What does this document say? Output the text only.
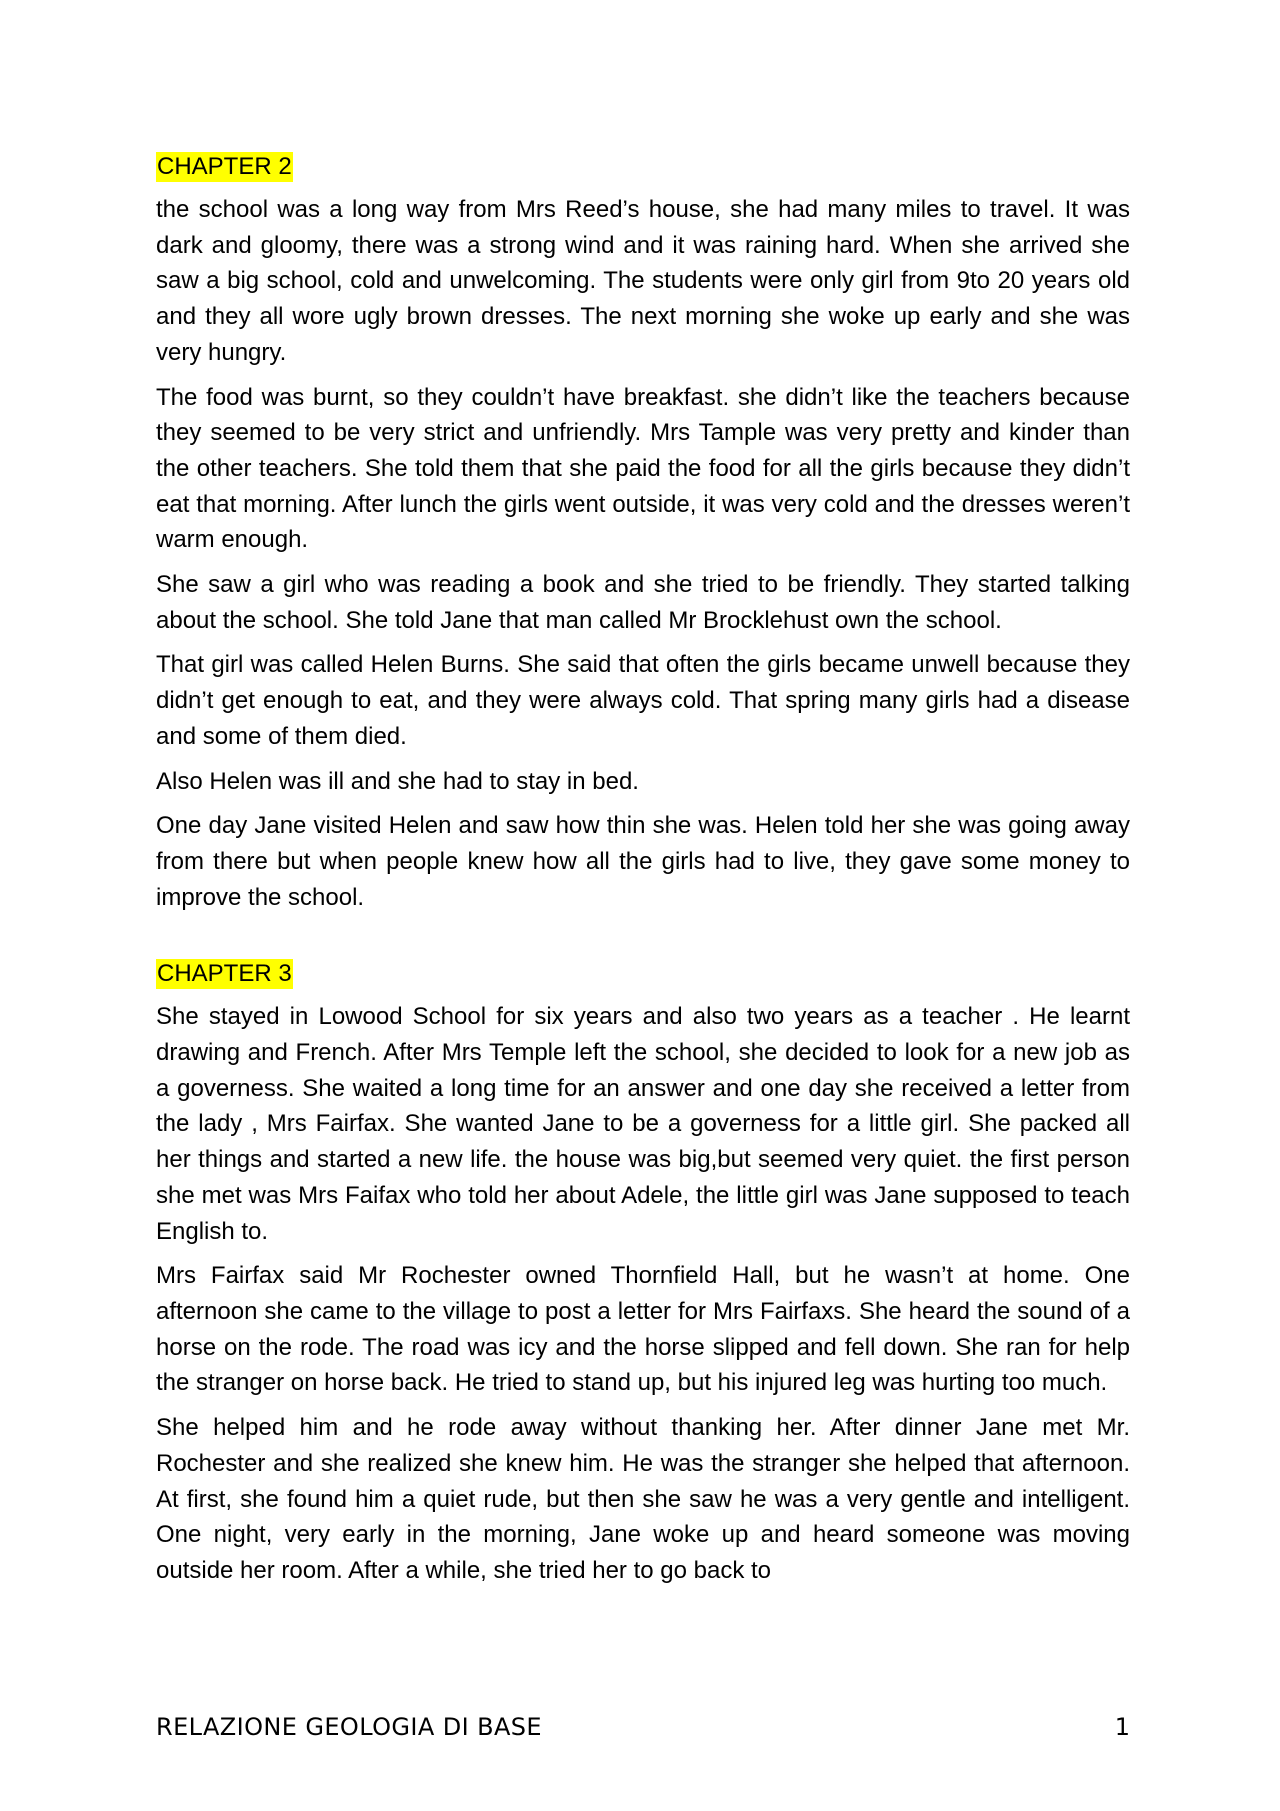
CHAPTER 2

the school was a long way from Mrs Reed’s house, she had many miles to travel. It was dark and gloomy, there was a strong wind and it was raining hard. When she arrived she saw a big school, cold and unwelcoming. The students were only girl from 9to 20 years old and they all wore ugly brown dresses. The next morning she woke up early and she was very hungry.

The food was burnt, so they couldn’t have breakfast. she didn’t like the teachers because they seemed to be very strict and unfriendly. Mrs Tample was very pretty and kinder than the other teachers. She told them that she paid the food for all the girls because they didn’t eat that morning. After lunch the girls went outside, it was very cold and the dresses weren’t warm enough.

She saw a girl who was reading a book and she tried to be friendly. They started talking about the school. She told Jane that man called Mr Brocklehust own the school.

That girl was called Helen Burns. She said that often the girls became unwell because they didn’t get enough to eat, and they were always cold. That spring many girls had a disease and some of them died.

Also Helen was ill and she had to stay in bed.

One day Jane visited Helen and saw how thin she was. Helen told her she was going away from there but when people knew how all the girls had to live, they gave some money to improve the school.

CHAPTER 3

She stayed in Lowood School for six years and also two years as a teacher . He learnt drawing and French. After Mrs Temple left the school, she decided to look for a new job as a governess. She waited a long time for an answer and one day she received a letter from the lady , Mrs Fairfax. She wanted Jane to be a governess for a little girl. She packed all her things and started a new life. the house was big,but seemed very quiet. the first person she met was Mrs Faifax who told her about Adele, the little girl was Jane supposed to teach English to.

Mrs Fairfax said Mr Rochester owned Thornfield Hall, but he wasn’t at home. One afternoon she came to the village to post a letter for Mrs Fairfaxs. She heard the sound of a horse on the rode. The road was icy and the horse slipped and fell down. She ran for help the stranger on horse back. He tried to stand up, but his injured leg was hurting too much.

She helped him and he rode away without thanking her. After dinner Jane met Mr. Rochester and she realized she knew him. He was the stranger she helped that afternoon. At first, she found him a quiet rude, but then she saw he was a very gentle and intelligent. One night, very early in the morning, Jane woke up and heard someone was moving outside her room. After a while, she tried her to go back to

RELAZIONE GEOLOGIA DI BASE	1
